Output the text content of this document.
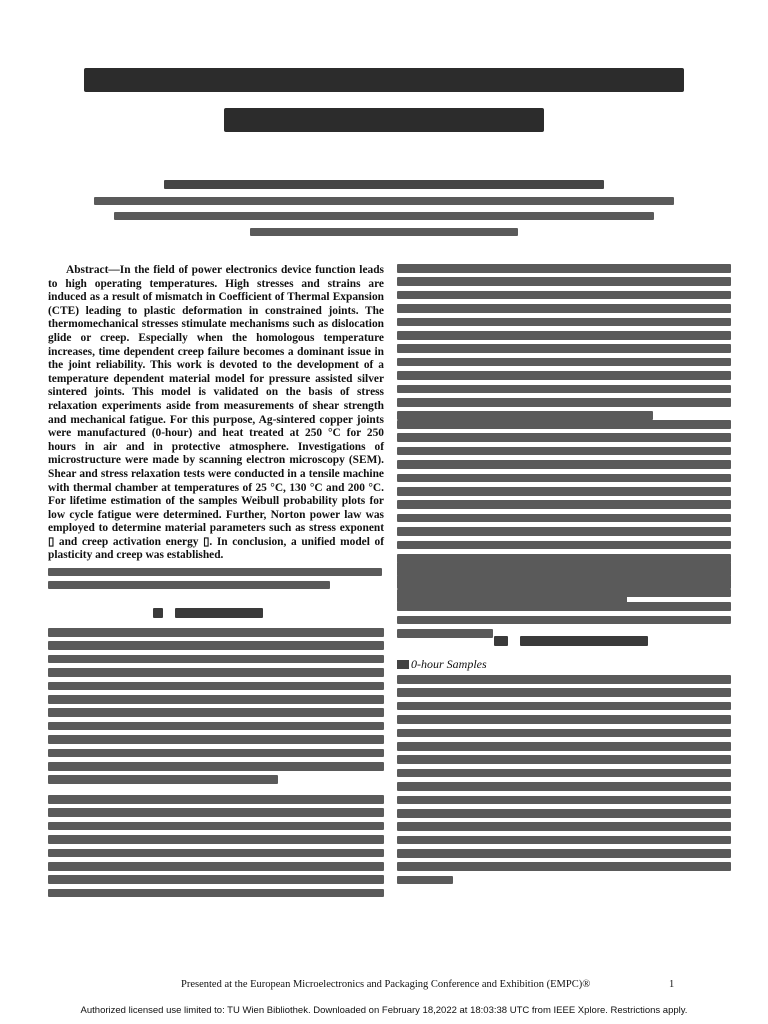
Abstract—In the field of power electronics device function leads to high operating temperatures. High stresses and strains are induced as a result of mismatch in Coefficient of Thermal Expansion (CTE) leading to plastic deformation in constrained joints. The thermomechanical stresses stimulate mechanisms such as dislocation glide or creep. Especially when the homologous temperature increases, time dependent creep failure becomes a dominant issue in the joint reliability. This work is devoted to the development of a temperature dependent material model for pressure assisted silver sintered joints. This model is validated on the basis of stress relaxation experiments aside from measurements of shear strength and mechanical fatigue. For this purpose, Ag-sintered copper joints were manufactured (0-hour) and heat treated at 250 °C for 250 hours in air and in protective atmosphere. Investigations of microstructure were made by scanning electron microscopy (SEM). Shear and stress relaxation tests were conducted in a tensile machine with thermal chamber at temperatures of 25 °C, 130 °C and 200 °C. For lifetime estimation of the samples Weibull probability plots for low cycle fatigue were determined. Further, Norton power law was employed to determine material parameters such as stress exponent ▯ and creep activation energy ▯. In conclusion, a unified model of plasticity and creep was established.

0-hour Samples
Presented at the European Microelectronics and Packaging Conference and Exhibition (EMPC)®	1
Authorized licensed use limited to: TU Wien Bibliothek. Downloaded on February 18,2022 at 18:03:38 UTC from IEEE Xplore. Restrictions apply.
